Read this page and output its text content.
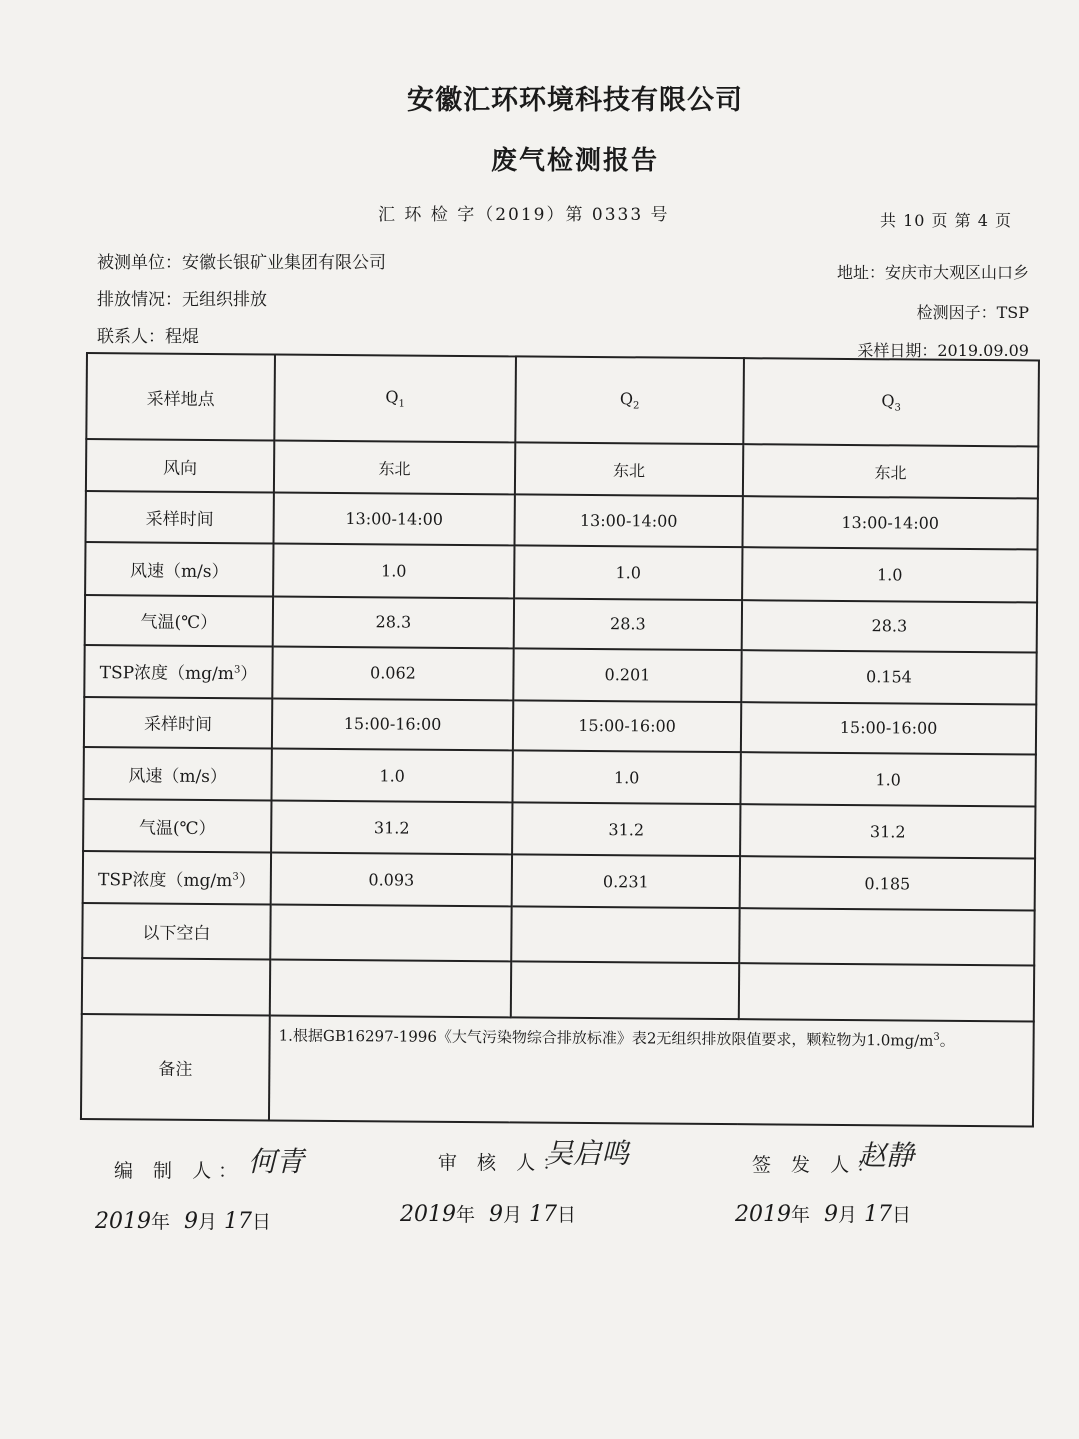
安徽汇环环境科技有限公司
废气检测报告
汇 环 检 字（2019）第 0333 号	共 10 页 第 4 页
被测单位：安徽长银矿业集团有限公司
排放情况：无组织排放
联系人：程焜
地址：安庆市大观区山口乡
检测因子：TSP
采样日期：2019.09.09
采样地点	$Q_1$	$Q_2$	$Q_3$
风向	东北	东北	东北
采样时间	13:00-14:00	13:00-14:00	13:00-14:00
风速（m/s）	1.0	1.0	1.0
气温(℃）	28.3	28.3	28.3
TSP浓度$(mg/m^3)$	0.062	0.201	0.154
采样时间	15:00-16:00	15:00-16:00	15:00-16:00
风速（m/s）	1.0	1.0	1.0
气温(℃）	31.2	31.2	31.2
TSP浓度$(mg/m^3)$	0.093	0.231	0.185
以下空白			

备注	1.根据GB16297-1996《大气污染物综合排放标准》表2无组织排放限值要求，颗粒物为$1.0mg/m^3$。		
编 制 人： 何青	审 核 人：
吴启鸣	签 发 人：
赵静
2019年 9月 17日	2019年 9月 17日	2019年 9月 17日
